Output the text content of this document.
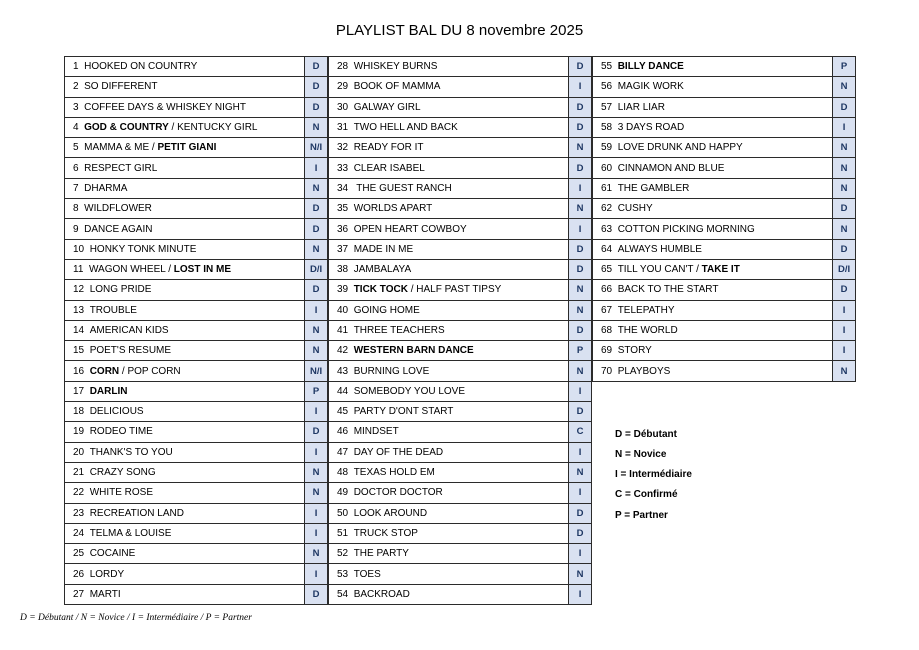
PLAYLIST BAL DU 8 novembre 2025
1 HOOKED ON COUNTRY	D
2 SO DIFFERENT	D
3 COFFEE DAYS & WHISKEY NIGHT	D
4 GOD & COUNTRY / KENTUCKY GIRL	N
5 MAMMA & ME / PETIT GIANI	N/I
6 RESPECT GIRL	I
7 DHARMA	N
8 WILDFLOWER	D
9 DANCE AGAIN	D
10 HONKY TONK MINUTE	N
11 WAGON WHEEL / LOST IN ME	D/I
12 LONG PRIDE	D
13 TROUBLE	I
14 AMERICAN KIDS	N
15 POET'S RESUME	N
16 CORN / POP CORN	N/I
17 DARLIN	P
18 DELICIOUS	I
19 RODEO TIME	D
20 THANK'S TO YOU	I
21 CRAZY SONG	N
22 WHITE ROSE	N
23 RECREATION LAND	I
24 TELMA & LOUISE	I
25 COCAINE	N
26 LORDY	I
27 MARTI	D
28 WHISKEY BURNS	D
29 BOOK OF MAMMA	I
30 GALWAY GIRL	D
31 TWO HELL AND BACK	D
32 READY FOR IT	N
33 CLEAR ISABEL	D
34   THE GUEST RANCH	I
35 WORLDS APART	N
36 OPEN HEART COWBOY	I
37 MADE IN ME	D
38 JAMBALAYA	D
39 TICK TOCK / HALF PAST TIPSY	N
40 GOING HOME	N
41 THREE TEACHERS	D
42 WESTERN BARN DANCE	P
43 BURNING LOVE	N
44 SOMEBODY YOU LOVE	I
45 PARTY D'ONT START	D
46 MINDSET	C
47 DAY OF THE DEAD	I
48 TEXAS HOLD EM	N
49 DOCTOR DOCTOR	I
50 LOOK AROUND	D
51 TRUCK STOP	D
52 THE PARTY	I
53 TOES	N
54 BACKROAD	I
55 BILLY DANCE	P
56 MAGIK WORK	N
57 LIAR LIAR	D
58 3 DAYS ROAD	I
59 LOVE DRUNK AND HAPPY	N
60 CINNAMON AND BLUE	N
61 THE GAMBLER	N
62 CUSHY	D
63 COTTON PICKING MORNING	N
64 ALWAYS HUMBLE	D
65 TILL YOU CAN'T / TAKE IT	D/I
66 BACK TO THE START	D
67 TELEPATHY	I
68 THE WORLD	I
69 STORY	I
70 PLAYBOYS	N
D = Débutant
N = Novice
I = Intermédiaire
C = Confirmé
P = Partner
D = Débutant / N = Novice / I = Intermédiaire / P = Partner
